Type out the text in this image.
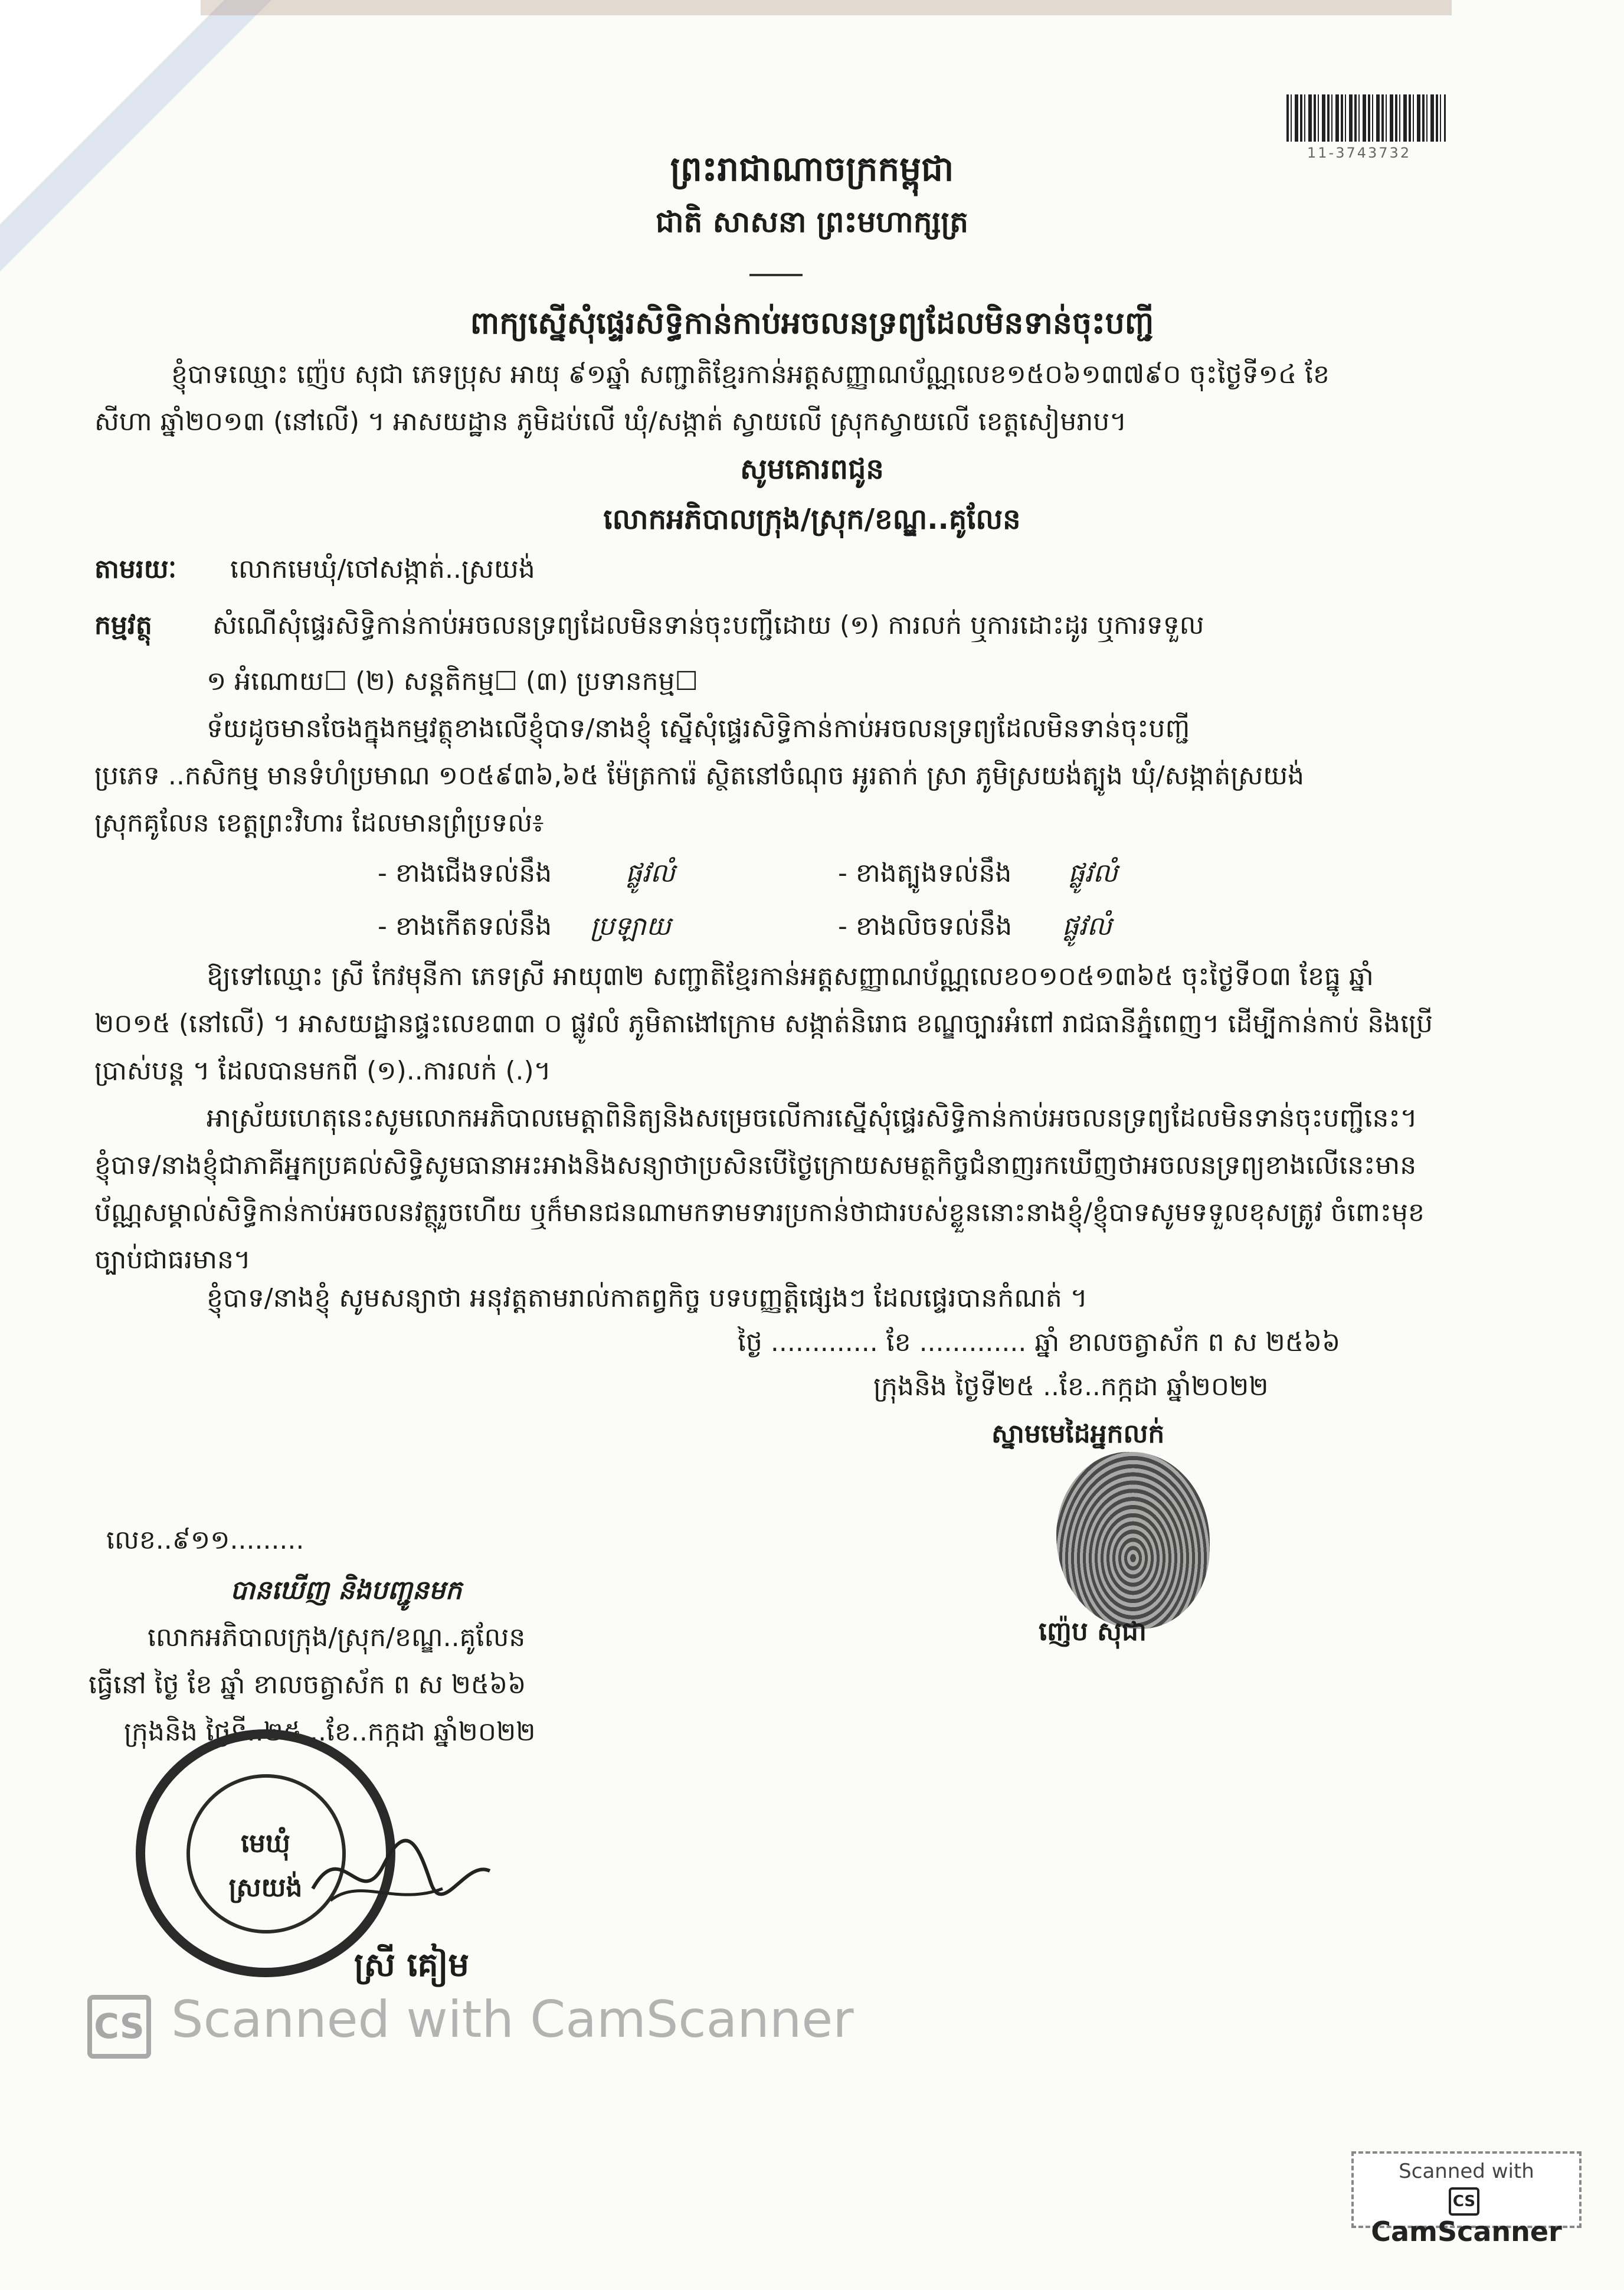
11-3743732
ព្រះរាជាណាចក្រកម្ពុជា
ជាតិ សាសនា ព្រះមហាក្សត្រ
ពាក្យស្នើសុំផ្ទេរសិទ្ធិកាន់កាប់អចលនទ្រព្យដែលមិនទាន់ចុះបញ្ជី
ខ្ញុំបាទឈ្មោះ ញ៉េប សុជា ភេទប្រុស អាយុ ៩១ឆ្នាំ សញ្ជាតិខ្មែរកាន់អត្តសញ្ញាណប័ណ្ណលេខ១៥០៦១៣៧៩០ ចុះថ្ងៃទី១៤ ខែ
សីហា ឆ្នាំ២០១៣ (នៅលើ) ។ អាសយដ្ឋាន ភូមិដប់លើ ឃុំ/សង្កាត់ ស្វាយលើ ស្រុកស្វាយលើ ខេត្តសៀមរាប។
សូមគោរពជូន
លោកអភិបាលក្រុង/ស្រុក/ខណ្ឌ..គូលែន
តាមរយៈ លោកមេឃុំ/ចៅសង្កាត់..ស្រយង់
កម្មវត្ថុ សំណើសុំផ្ទេរសិទ្ធិកាន់កាប់អចលនទ្រព្យដែលមិនទាន់ចុះបញ្ជីដោយ (១) ការលក់ ឬការដោះដូរ ឬការទទួល
១ អំណោយ☐ (២) សន្តតិកម្ម☐ (៣) ប្រទានកម្ម☐
ទ័យដូចមានចែងក្នុងកម្មវត្ថុខាងលើខ្ញុំបាទ/នាងខ្ញុំ ស្នើសុំផ្ទេរសិទ្ធិកាន់កាប់អចលនទ្រព្យដែលមិនទាន់ចុះបញ្ជី
ប្រភេទ ..កសិកម្ម មានទំហំប្រមាណ ១០៥៩៣៦,៦៥ ម៉ែត្រការ៉េ ស្ថិតនៅចំណុច អូរតាក់ ស្រា ភូមិស្រយង់ត្បូង ឃុំ/សង្កាត់ស្រយង់
ស្រុកគូលែន ខេត្តព្រះវិហារ ដែលមានព្រំប្រទល់៖
- ខាងជើងទល់នឹង	ផ្លូវលំ	- ខាងត្បូងទល់នឹង ផ្លូវលំ
- ខាងកើតទល់នឹង ប្រឡាយ	- ខាងលិចទល់នឹង ផ្លូវលំ
ឱ្យទៅឈ្មោះ ស្រី កែវមុនីកា ភេទស្រី អាយុ៣២ សញ្ជាតិខ្មែរកាន់អត្តសញ្ញាណប័ណ្ណលេខ០១០៥១៣៦៥ ចុះថ្ងៃទី០៣ ខែធ្នូ ឆ្នាំ
២០១៥ (នៅលើ) ។ អាសយដ្ឋានផ្ទះលេខ៣៣ ០ ផ្លូវលំ ភូមិតាងៅក្រោម សង្កាត់និរោធ ខណ្ឌច្បារអំពៅ រាជធានីភ្នំពេញ។ ដើម្បីកាន់កាប់ និងប្រើ
ប្រាស់បន្ត ។ ដែលបានមកពី (១)..ការលក់ (.)។
អាស្រ័យហេតុនេះសូមលោកអភិបាលមេត្តាពិនិត្យនិងសម្រេចលើការស្នើសុំផ្ទេរសិទ្ធិកាន់កាប់អចលនទ្រព្យដែលមិនទាន់ចុះបញ្ជីនេះ។
ខ្ញុំបាទ/នាងខ្ញុំជាភាគីអ្នកប្រគល់សិទ្ធិសូមធានាអះអាងនិងសន្យាថាប្រសិនបើថ្ងៃក្រោយសមត្ថកិច្ចជំនាញរកឃើញថាអចលនទ្រព្យខាងលើនេះមាន
ប័ណ្ណសម្គាល់សិទ្ធិកាន់កាប់អចលនវត្ថុរួចហើយ ឬក៏មានជនណាមកទាមទារប្រកាន់ថាជារបស់ខ្លួននោះនាងខ្ញុំ/ខ្ញុំបាទសូមទទួលខុសត្រូវ ចំពោះមុខ
ច្បាប់ជាធរមាន។
ខ្ញុំបាទ/នាងខ្ញុំ សូមសន្យាថា អនុវត្តតាមរាល់កាតព្វកិច្ច បទបញ្ញត្តិផ្សេងៗ ដែលផ្ទេរបានកំណត់ ។
ថ្ងៃ ............. ខែ ............. ឆ្នាំ ខាលចត្វាស័ក ព ស ២៥៦៦
ក្រុងនិង ថ្ងៃទី២៥ ..ខែ..កក្កដា ឆ្នាំ២០២២
ស្នាមមេដៃអ្នកលក់
ញ៉េប សុជា
លេខ..៩១១.........
បានឃើញ និងបញ្ជូនមក
លោកអភិបាលក្រុង/ស្រុក/ខណ្ឌ..គូលែន
ធ្វើនៅ ថ្ងៃ ខែ ឆ្នាំ ខាលចត្វាស័ក ព ស ២៥៦៦
ក្រុងនិង ថ្ងៃទី..២៥ ..ខែ..កក្កដា ឆ្នាំ២០២២
មេឃុំ
ស្រយង់
ស្រី គៀម
CS Scanned with CamScanner
Scanned with
CSCamScanner
